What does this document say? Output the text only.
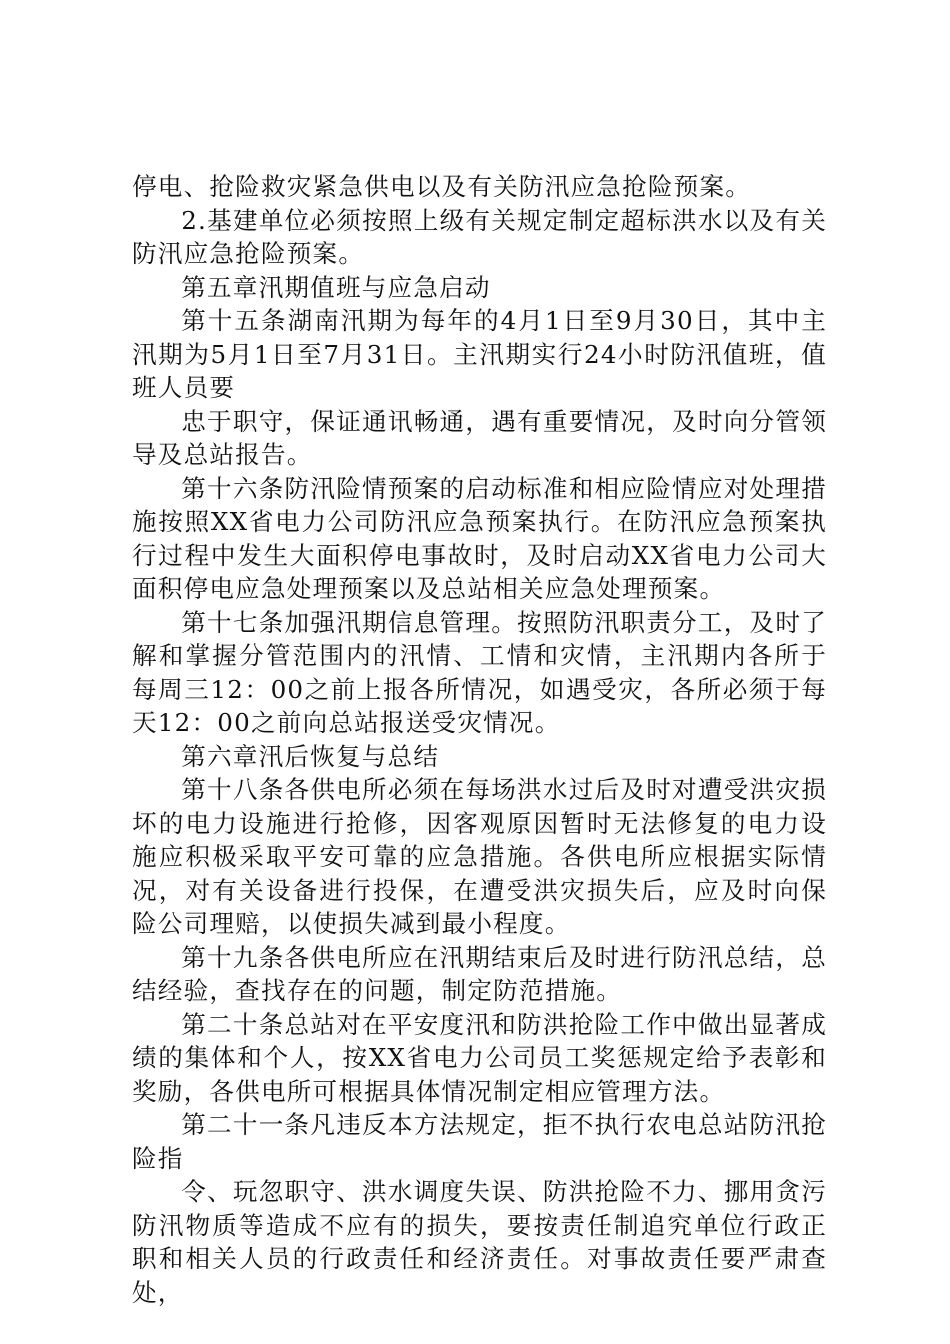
停电、抢险救灾紧急供电以及有关防汛应急抢险预案。

2.基建单位必须按照上级有关规定制定超标洪水以及有关防汛应急抢险预案。

第五章汛期值班与应急启动

第十五条湖南汛期为每年的4月1日至9月30日，其中主汛期为5月1日至7月31日。主汛期实行24小时防汛值班，值班人员要

忠于职守，保证通讯畅通，遇有重要情况，及时向分管领导及总站报告。

第十六条防汛险情预案的启动标准和相应险情应对处理措施按照XX省电力公司防汛应急预案执行。在防汛应急预案执行过程中发生大面积停电事故时，及时启动XX省电力公司大面积停电应急处理预案以及总站相关应急处理预案。

第十七条加强汛期信息管理。按照防汛职责分工，及时了解和掌握分管范围内的汛情、工情和灾情，主汛期内各所于每周三12：00之前上报各所情况，如遇受灾，各所必须于每天12：00之前向总站报送受灾情况。

第六章汛后恢复与总结

第十八条各供电所必须在每场洪水过后及时对遭受洪灾损坏的电力设施进行抢修，因客观原因暂时无法修复的电力设施应积极采取平安可靠的应急措施。各供电所应根据实际情况，对有关设备进行投保，在遭受洪灾损失后，应及时向保险公司理赔，以使损失减到最小程度。

第十九条各供电所应在汛期结束后及时进行防汛总结，总结经验，查找存在的问题，制定防范措施。

第二十条总站对在平安度汛和防洪抢险工作中做出显著成绩的集体和个人，按XX省电力公司员工奖惩规定给予表彰和奖励，各供电所可根据具体情况制定相应管理方法。

第二十一条凡违反本方法规定，拒不执行农电总站防汛抢险指

令、玩忽职守、洪水调度失误、防洪抢险不力、挪用贪污防汛物质等造成不应有的损失，要按责任制追究单位行政正职和相关人员的行政责任和经济责任。对事故责任要严肃查处，
